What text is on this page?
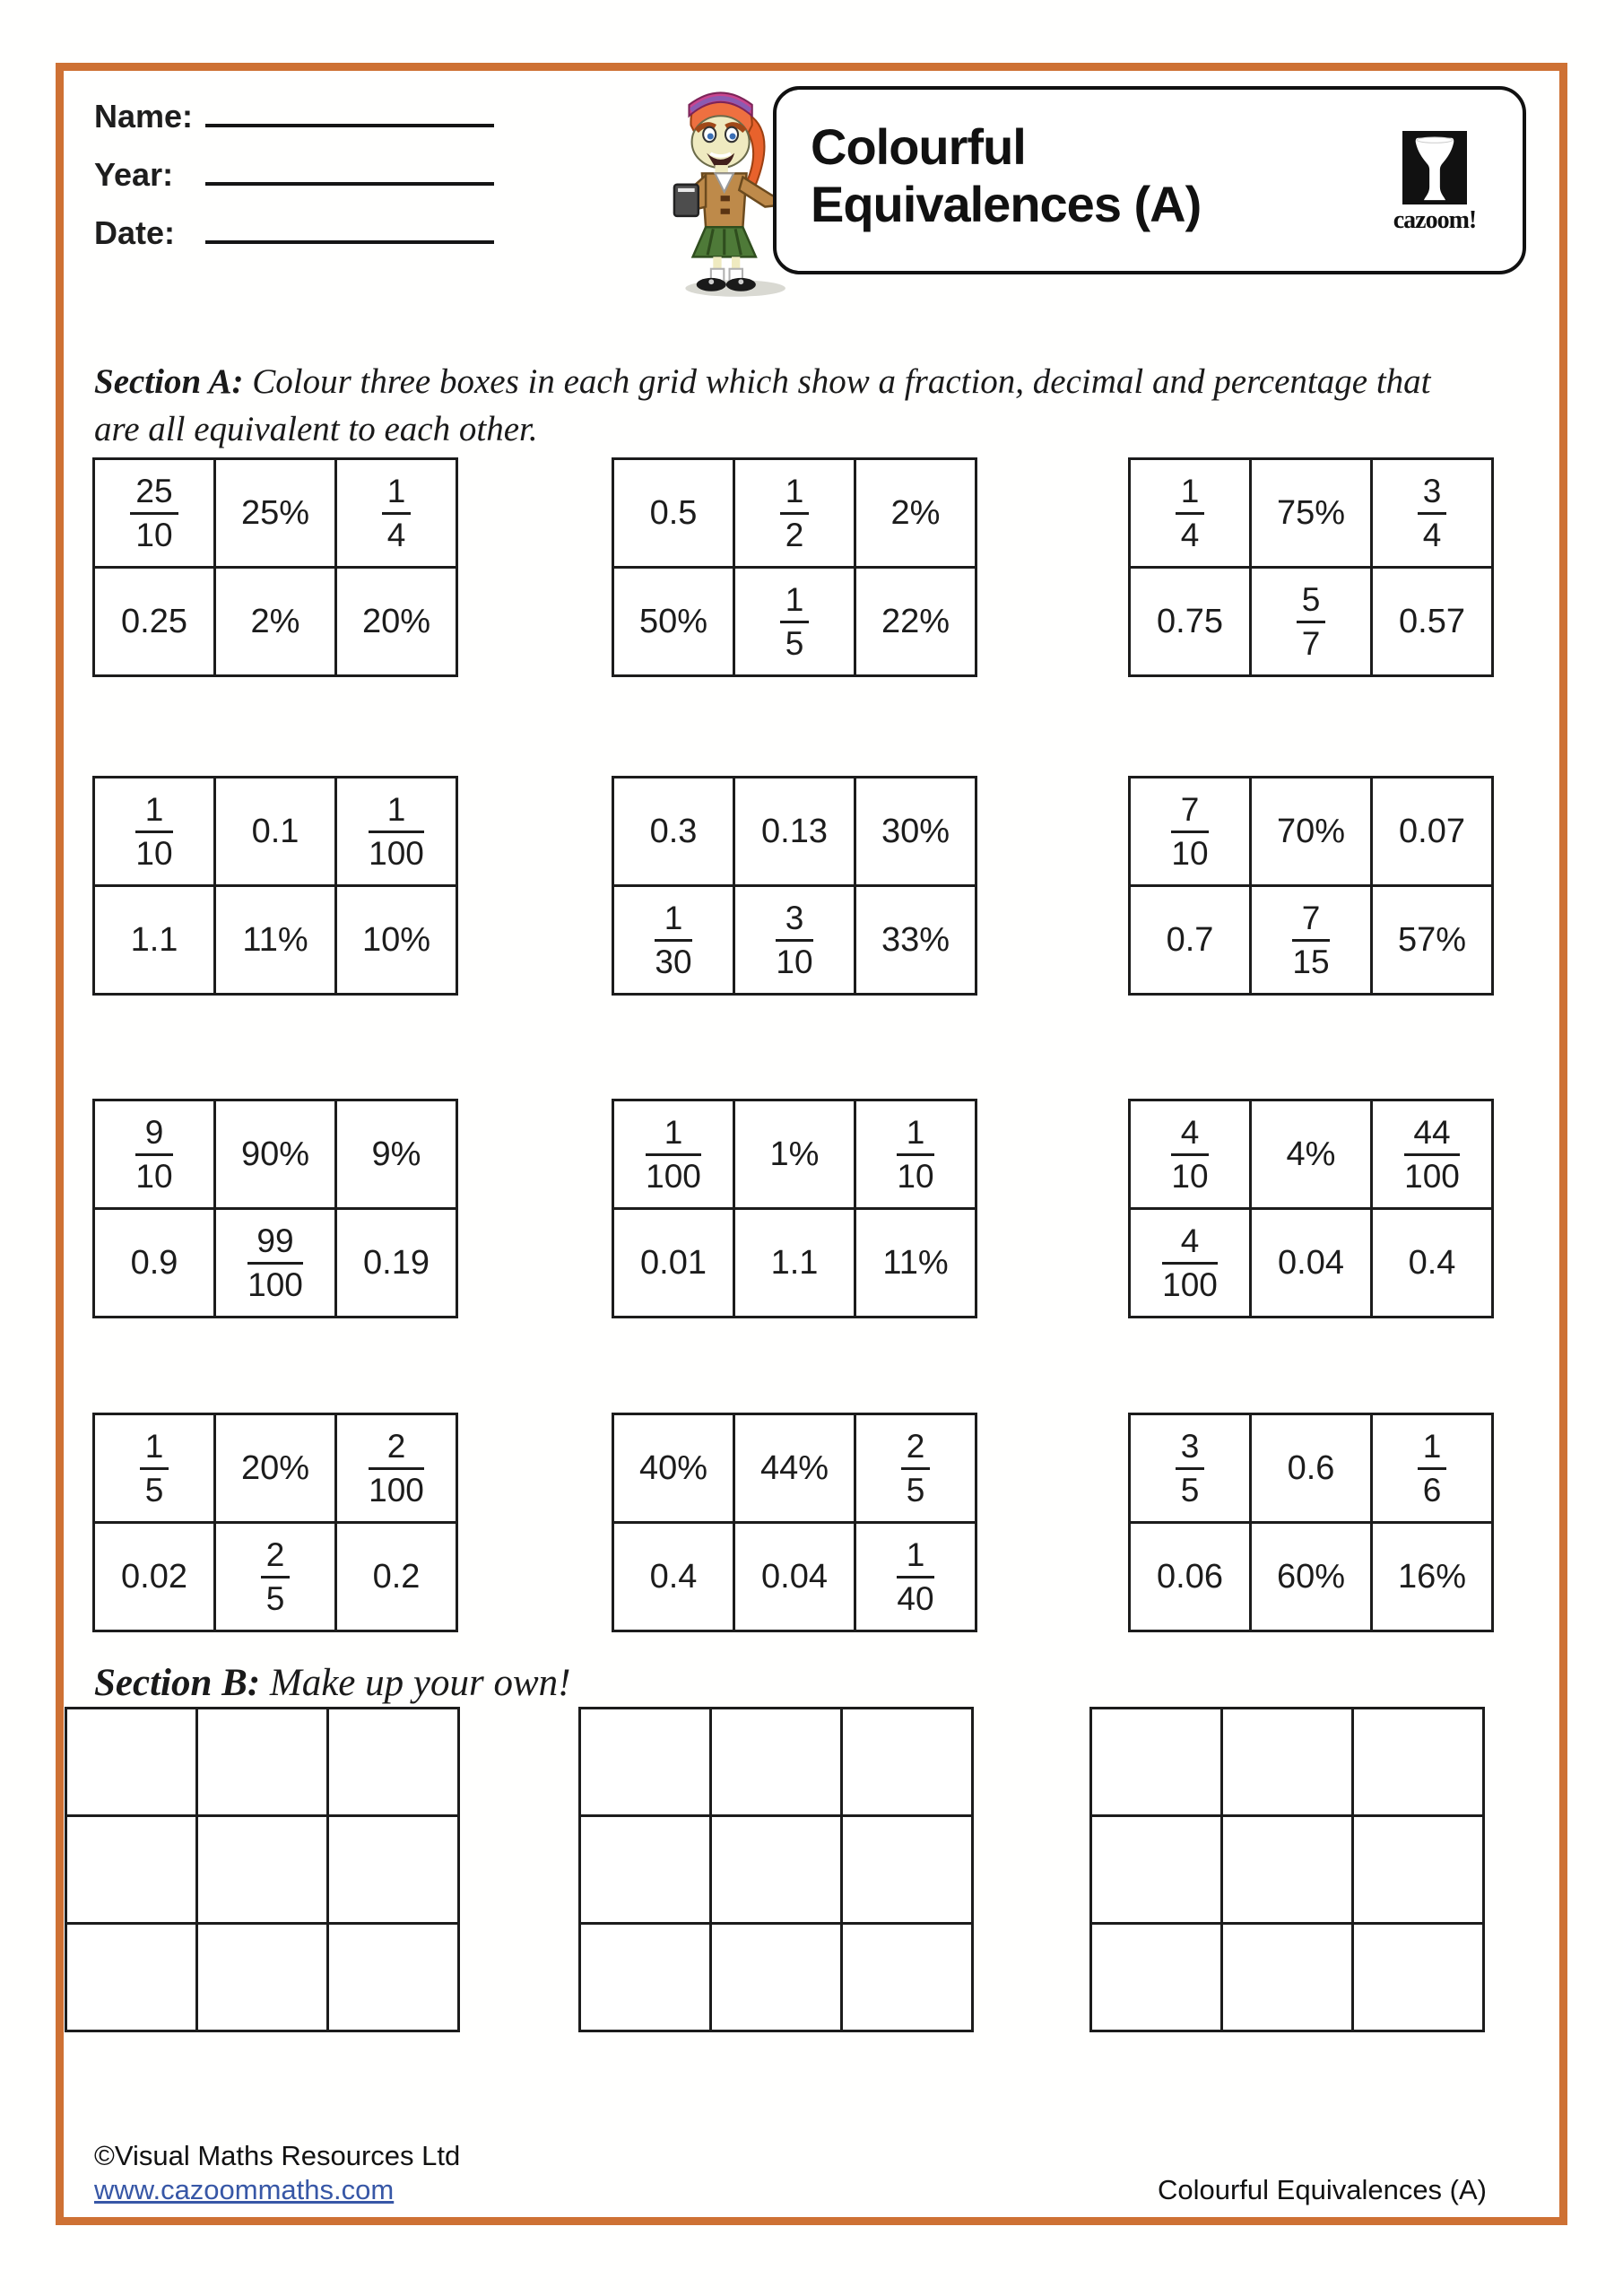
Name:
Year:
Date:
Colourful
Equivalences (A)	cazoom!
Section A: Colour three boxes in each grid which show a fraction, decimal and percentage that are all equivalent to each other.
$\frac{25}{10}$	25%	$\frac{1}{4}$

0.25	2%	20%
0.5	$\frac{1}{2}$	2%
50%	$\frac{1}{5}$	22%
$\frac{1}{4}$	75%	$\frac{3}{4}$

0.75	$\frac{5}{7}$	0.57
$\frac{1}{10}$	0.1	$\frac{1}{100}$

1.1	11%	10%
0.3	0.13	30%

$\frac{1}{30}$	$\frac{3}{10}$	33%
$\frac{7}{10}$	70%	0.07
0.7	$\frac{7}{15}$	57%
$\frac{9}{10}$	90%	9%
0.9	$\frac{99}{100}$	0.19
$\frac{1}{100}$	1%	$\frac{1}{10}$

0.01	1.1	11%
$\frac{4}{10}$	4%	$\frac{44}{100}$

$\frac{4}{100}$	0.04	0.4
$\frac{1}{5}$	20%	$\frac{2}{100}$

0.02	$\frac{2}{5}$	0.2
40%	44%	$\frac{2}{5}$

0.4	0.04	$\frac{1}{40}$
$\frac{3}{5}$	0.6	$\frac{1}{6}$

0.06	60%	16%
Section B: Make up your own!

©Visual Maths Resources Ltd
www.cazoommaths.com	Colourful Equivalences (A)
